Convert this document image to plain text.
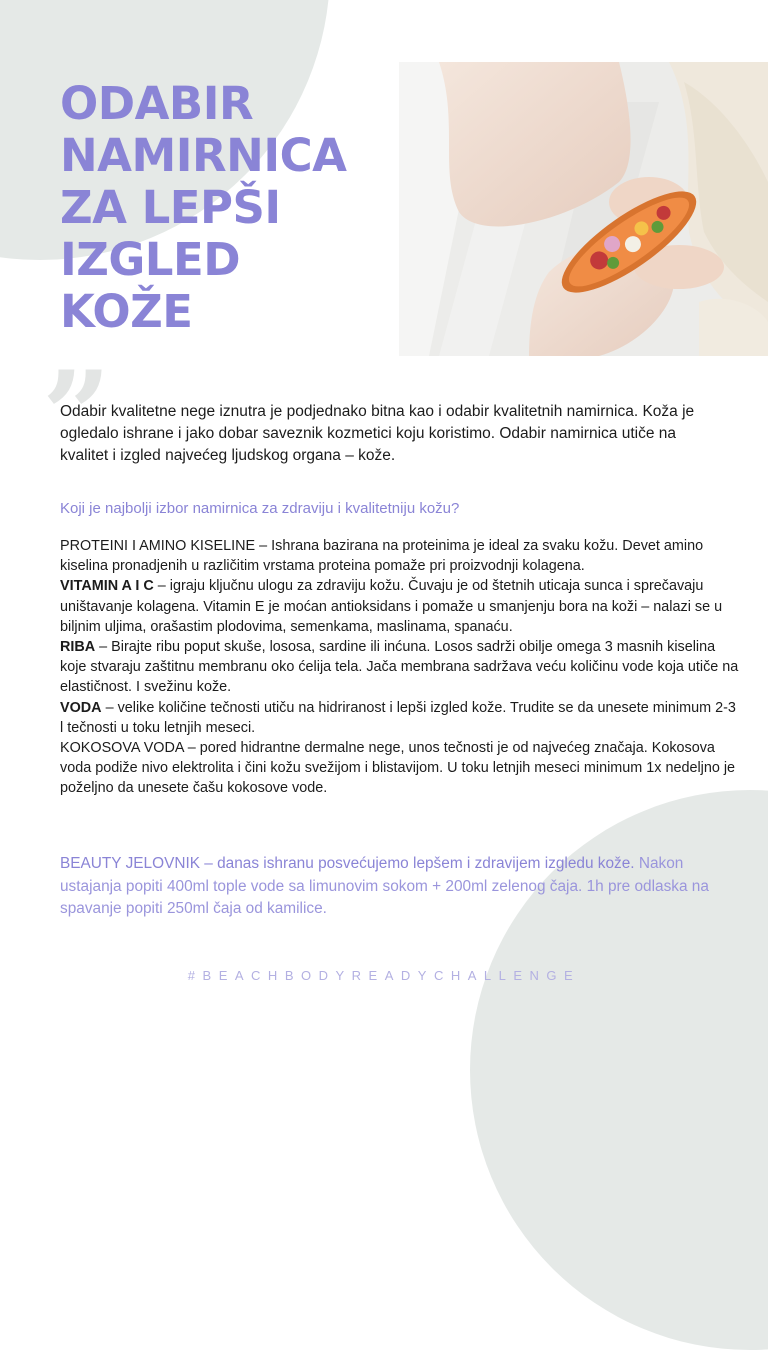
ODABIR
NAMIRNICA
ZA LEPŠI
IZGLED
KOŽE
”
Odabir kvalitetne nege iznutra je podjednako bitna kao i odabir kvalitetnih namirnica. Koža je ogledalo ishrane i jako dobar saveznik kozmetici koju koristimo. Odabir namirnica utiče na kvalitet i izgled najvećeg ljudskog organa – kože.
Koji je najbolji izbor namirnica za zdraviju i kvalitetniju kožu?

PROTEINI I AMINO KISELINE – Ishrana bazirana na proteinima je ideal za svaku kožu. Devet amino kiselina pronadjenih u različitim vrstama proteina pomaže pri proizvodnji kolagena.

VITAMIN A I C – igraju ključnu ulogu za zdraviju kožu. Čuvaju je od štetnih uticaja sunca i sprečavaju uništavanje kolagena. Vitamin E je moćan antioksidans i pomaže u smanjenju bora na koži – nalazi se u biljnim uljima, orašastim plodovima, semenkama, maslinama, spanaću.

RIBA – Birajte ribu poput skuše, lososa, sardine ili inćuna. Losos sadrži obilje omega 3 masnih kiselina koje stvaraju zaštitnu membranu oko ćelija tela. Jača membrana sadržava veću količinu vode koja utiče na elastičnost. I svežinu kože.

VODA – velike količine tečnosti utiču na hidriranost i lepši izgled kože. Trudite se da unesete minimum 2-3 l tečnosti u toku letnjih meseci.

KOKOSOVA VODA – pored hidrantne dermalne nege, unos tečnosti je od najvećeg značaja. Kokosova voda podiže nivo elektrolita i čini kožu svežijom i blistavijom. U toku letnjih meseci minimum 1x nedeljno je poželjno da unesete čašu kokosove vode.

BEAUTY JELOVNIK – danas ishranu posvećujemo lepšem i zdravijem izgledu kože. Nakon ustajanja popiti 400ml tople vode sa limunovim sokom + 200ml zelenog čaja. 1h pre odlaska na spavanje popiti 250ml čaja od kamilice.
#BEACHBODYREADYCHALLENGE
